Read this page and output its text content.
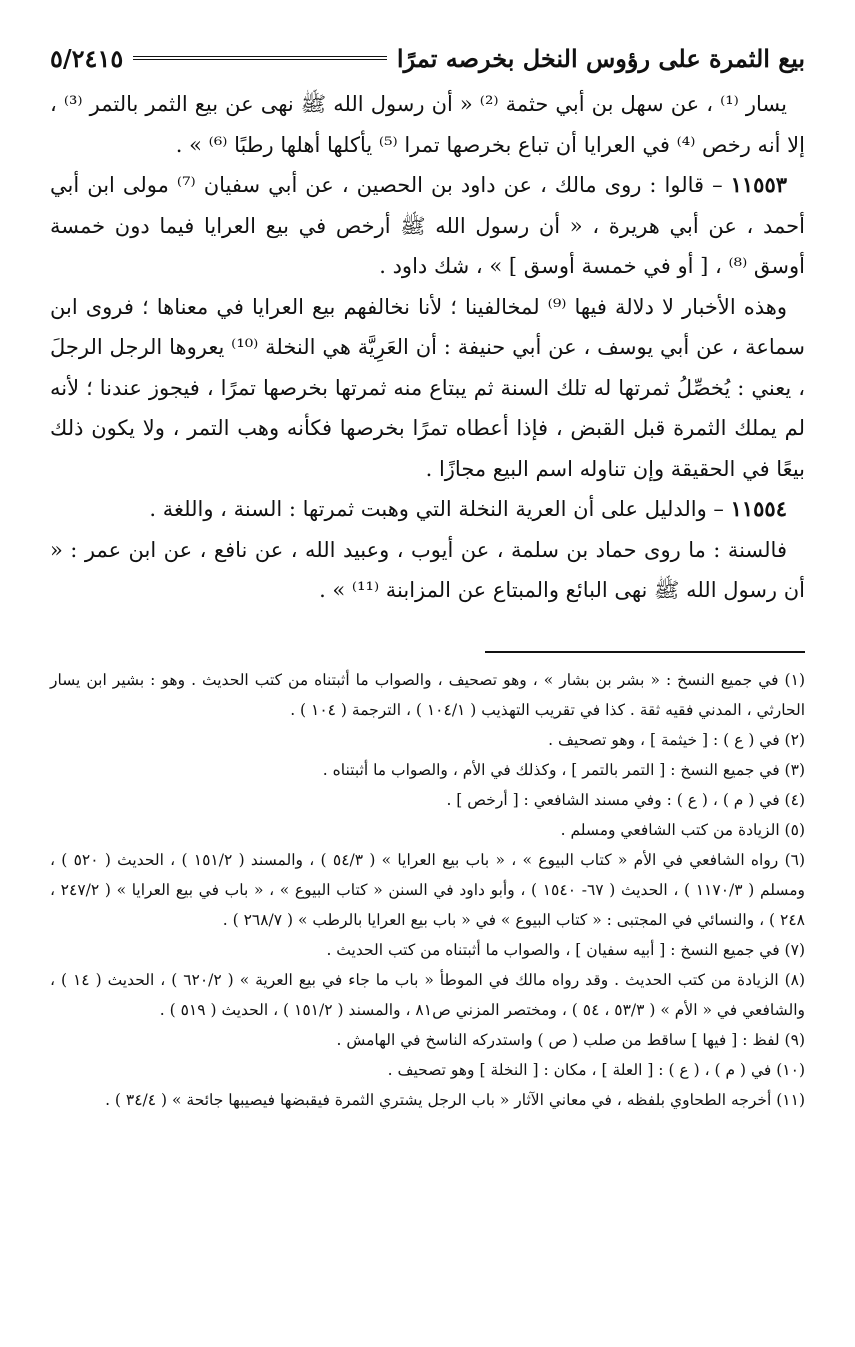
بيع الثمرة على رؤوس النخل بخرصه تمرًا
٥/٢٤١٥

يسار ⁽¹⁾ ، عن سهل بن أبي حثمة ⁽²⁾ « أن رسول الله ﷺ نهى عن بيع الثمر بالتمر ⁽³⁾ ، إلا أنه رخص ⁽⁴⁾ في العرايا أن تباع بخرصها تمرا ⁽⁵⁾ يأكلها أهلها رطبًا ⁽⁶⁾ » .

١١٥٥٣ – قالوا : روى مالك ، عن داود بن الحصين ، عن أبي سفيان ⁽⁷⁾ مولى ابن أبي أحمد ، عن أبي هريرة ، « أن رسول الله ﷺ أرخص في بيع العرايا فيما دون خمسة أوسق ⁽⁸⁾ ، [ أو في خمسة أوسق ] » ، شك داود .

وهذه الأخبار لا دلالة فيها ⁽⁹⁾ لمخالفينا ؛ لأنا نخالفهم بيع العرايا في معناها ؛ فروى ابن سماعة ، عن أبي يوسف ، عن أبي حنيفة : أن العَرِيَّة هي النخلة ⁽¹⁰⁾ يعروها الرجل الرجلَ ، يعني : يُخصِّلُ ثمرتها له تلك السنة ثم يبتاع منه ثمرتها بخرصها تمرًا ، فيجوز عندنا ؛ لأنه لم يملك الثمرة قبل القبض ، فإذا أعطاه تمرًا بخرصها فكأنه وهب التمر ، ولا يكون ذلك بيعًا في الحقيقة وإن تناوله اسم البيع مجازًا .

١١٥٥٤ – والدليل على أن العرية النخلة التي وهبت ثمرتها : السنة ، واللغة .

فالسنة : ما روى حماد بن سلمة ، عن أيوب ، وعبيد الله ، عن نافع ، عن ابن عمر : « أن رسول الله ﷺ نهى البائع والمبتاع عن المزابنة ⁽¹¹⁾ » .

(١) في جميع النسخ : « بشر بن بشار » ، وهو تصحيف ، والصواب ما أثبتناه من كتب الحديث . وهو : بشير ابن يسار الحارثي ، المدني فقيه ثقة . كذا في تقريب التهذيب ( ١٠٤/١ ) ، الترجمة ( ١٠٤ ) .

(٢) في ( ع ) : [ خيثمة ] ، وهو تصحيف .

(٣) في جميع النسخ : [ التمر بالتمر ] ، وكذلك في الأم ، والصواب ما أثبتناه .

(٤) في ( م ) ، ( ع ) : وفي مسند الشافعي : [ أرخص ] .

(٥) الزيادة من كتب الشافعي ومسلم .

(٦) رواه الشافعي في الأم « كتاب البيوع » ، « باب بيع العرايا » ( ٥٤/٣ ) ، والمسند ( ١٥١/٢ ) ، الحديث ( ٥٢٠ ) ، ومسلم ( ١١٧٠/٣ ) ، الحديث ( ٦٧- ١٥٤٠ ) ، وأبو داود في السنن « كتاب البيوع » ، « باب في بيع العرايا » ( ٢٤٧/٢ ، ٢٤٨ ) ، والنسائي في المجتبى : « كتاب البيوع » في « باب بيع العرايا بالرطب » ( ٢٦٨/٧ ) .

(٧) في جميع النسخ : [ أبيه سفيان ] ، والصواب ما أثبتناه من كتب الحديث .

(٨) الزيادة من كتب الحديث . وقد رواه مالك في الموطأ « باب ما جاء في بيع العرية » ( ٦٢٠/٢ ) ، الحديث ( ١٤ ) ، والشافعي في « الأم » ( ٥٣/٣ ، ٥٤ ) ، ومختصر المزني ص٨١ ، والمسند ( ١٥١/٢ ) ، الحديث ( ٥١٩ ) .

(٩) لفظ : [ فيها ] ساقط من صلب ( ص ) واستدركه الناسخ في الهامش .

(١٠) في ( م ) ، ( ع ) : [ العلة ] ، مكان : [ النخلة ] وهو تصحيف .

(١١) أخرجه الطحاوي بلفظه ، في معاني الآثار « باب الرجل يشتري الثمرة فيقبضها فيصيبها جائحة » ( ٣٤/٤ ) .
